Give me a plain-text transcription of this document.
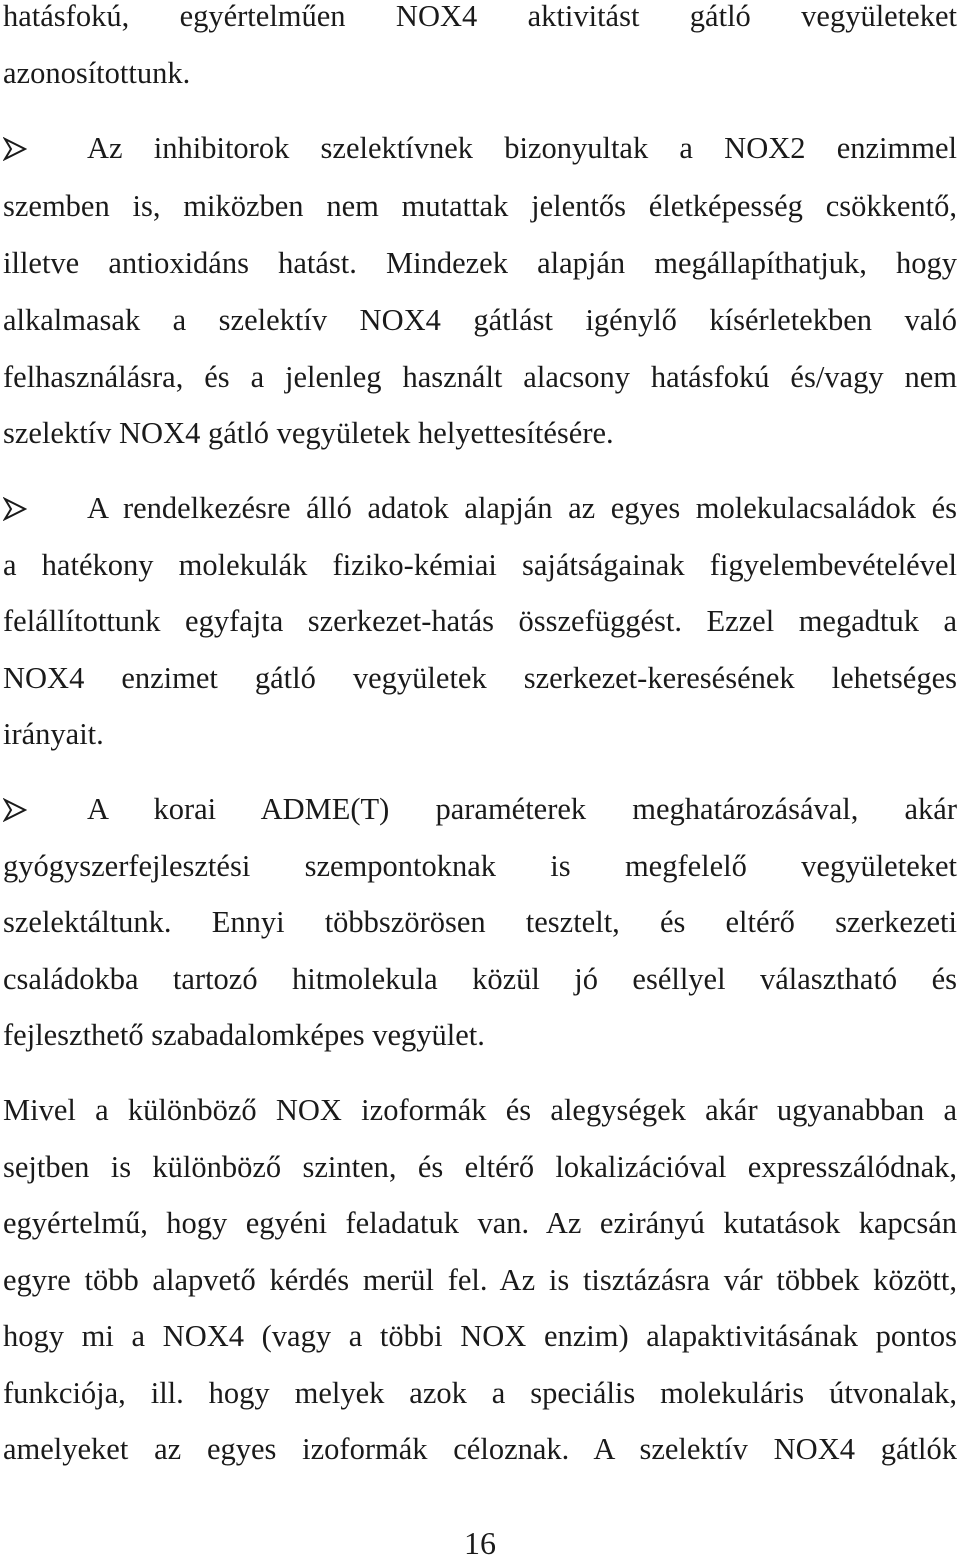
hatásfokú, egyértelműen NOX4 aktivitást gátló vegyületeket
azonosítottunk.
Az inhibitorok szelektívnek bizonyultak a NOX2 enzimmel
szemben is, miközben nem mutattak jelentős életképesség csökkentő,
illetve antioxidáns hatást. Mindezek alapján megállapíthatjuk, hogy
alkalmasak a szelektív NOX4 gátlást igénylő kísérletekben való
felhasználásra, és a jelenleg használt alacsony hatásfokú és/vagy nem
szelektív NOX4 gátló vegyületek helyettesítésére.
A rendelkezésre álló adatok alapján az egyes molekulacsaládok és
a hatékony molekulák fiziko-kémiai sajátságainak figyelembevételével
felállítottunk egyfajta szerkezet-hatás összefüggést. Ezzel megadtuk a
NOX4 enzimet gátló vegyületek szerkezet-keresésének lehetséges
irányait.
A korai ADME(T) paraméterek meghatározásával, akár
gyógyszerfejlesztési szempontoknak is megfelelő vegyületeket
szelektáltunk. Ennyi többszörösen tesztelt, és eltérő szerkezeti
családokba tartozó hitmolekula közül jó eséllyel választható és
fejleszthető szabadalomképes vegyület.
Mivel a különböző NOX izoformák és alegységek akár ugyanabban a
sejtben is különböző szinten, és eltérő lokalizációval expresszálódnak,
egyértelmű, hogy egyéni feladatuk van. Az ezirányú kutatások kapcsán
egyre több alapvető kérdés merül fel. Az is tisztázásra vár többek között,
hogy mi a NOX4 (vagy a többi NOX enzim) alapaktivitásának pontos
funkciója, ill. hogy melyek azok a speciális molekuláris útvonalak,
amelyeket az egyes izoformák céloznak. A szelektív NOX4 gátlók
16
